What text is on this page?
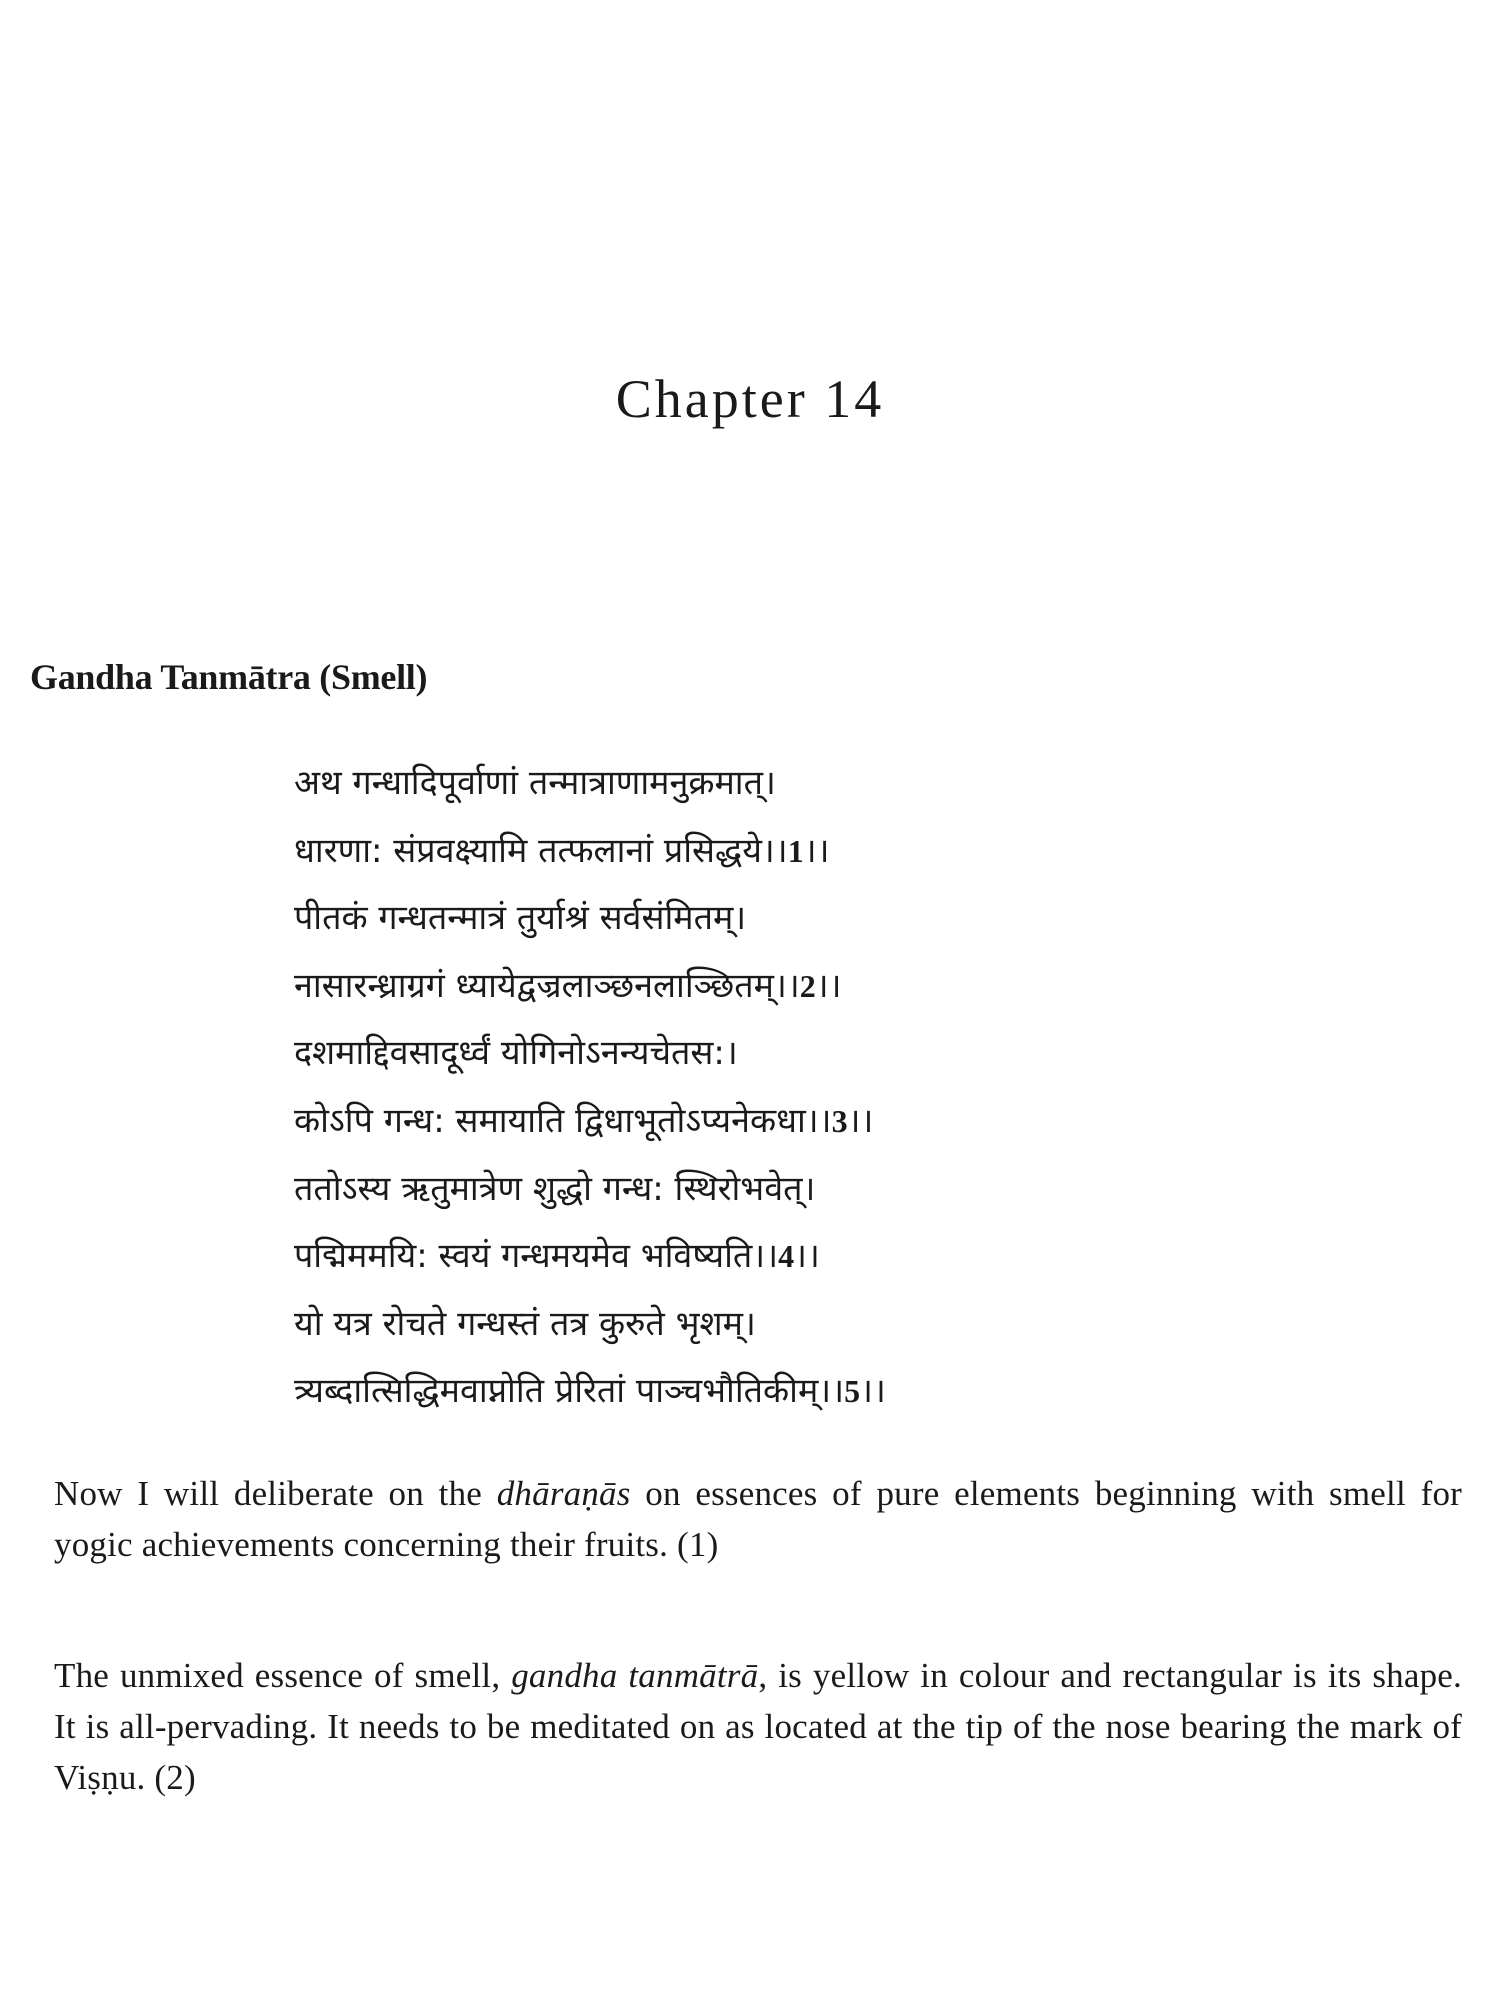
Chapter 14
Gandha Tanmātra (Smell)
अथ गन्धादिपूर्वाणां तन्मात्राणामनुक्रमात्।
धारणा: संप्रवक्ष्यामि तत्फलानां प्रसिद्धये।।1।।
पीतकं गन्धतन्मात्रं तुर्याश्रं सर्वसंमितम्।
नासारन्ध्राग्रगं ध्यायेद्वज्रलाञ्छनलाञ्छितम्।।2।।
दशमाद्दिवसादूर्ध्वं योगिनोऽनन्यचेतस:।
कोऽपि गन्ध: समायाति द्विधाभूतोऽप्यनेकधा।।3।।
ततोऽस्य ऋतुमात्रेण शुद्धो गन्ध: स्थिरोभवेत्।
पद्मिममयि: स्वयं गन्धमयमेव भविष्यति।।4।।
यो यत्र रोचते गन्धस्तं तत्र कुरुते भृशम्।
त्र्यब्दात्सिद्धिमवाप्नोति प्रेरितां पाञ्चभौतिकीम्।।5।।

Now I will deliberate on the dhāraṇās on essences of pure elements beginning with smell for yogic achievements concerning their fruits. (1)

The unmixed essence of smell, gandha tanmātrā, is yellow in colour and rectangular is its shape. It is all-pervading. It needs to be meditated on as located at the tip of the nose bearing the mark of Viṣṇu. (2)
